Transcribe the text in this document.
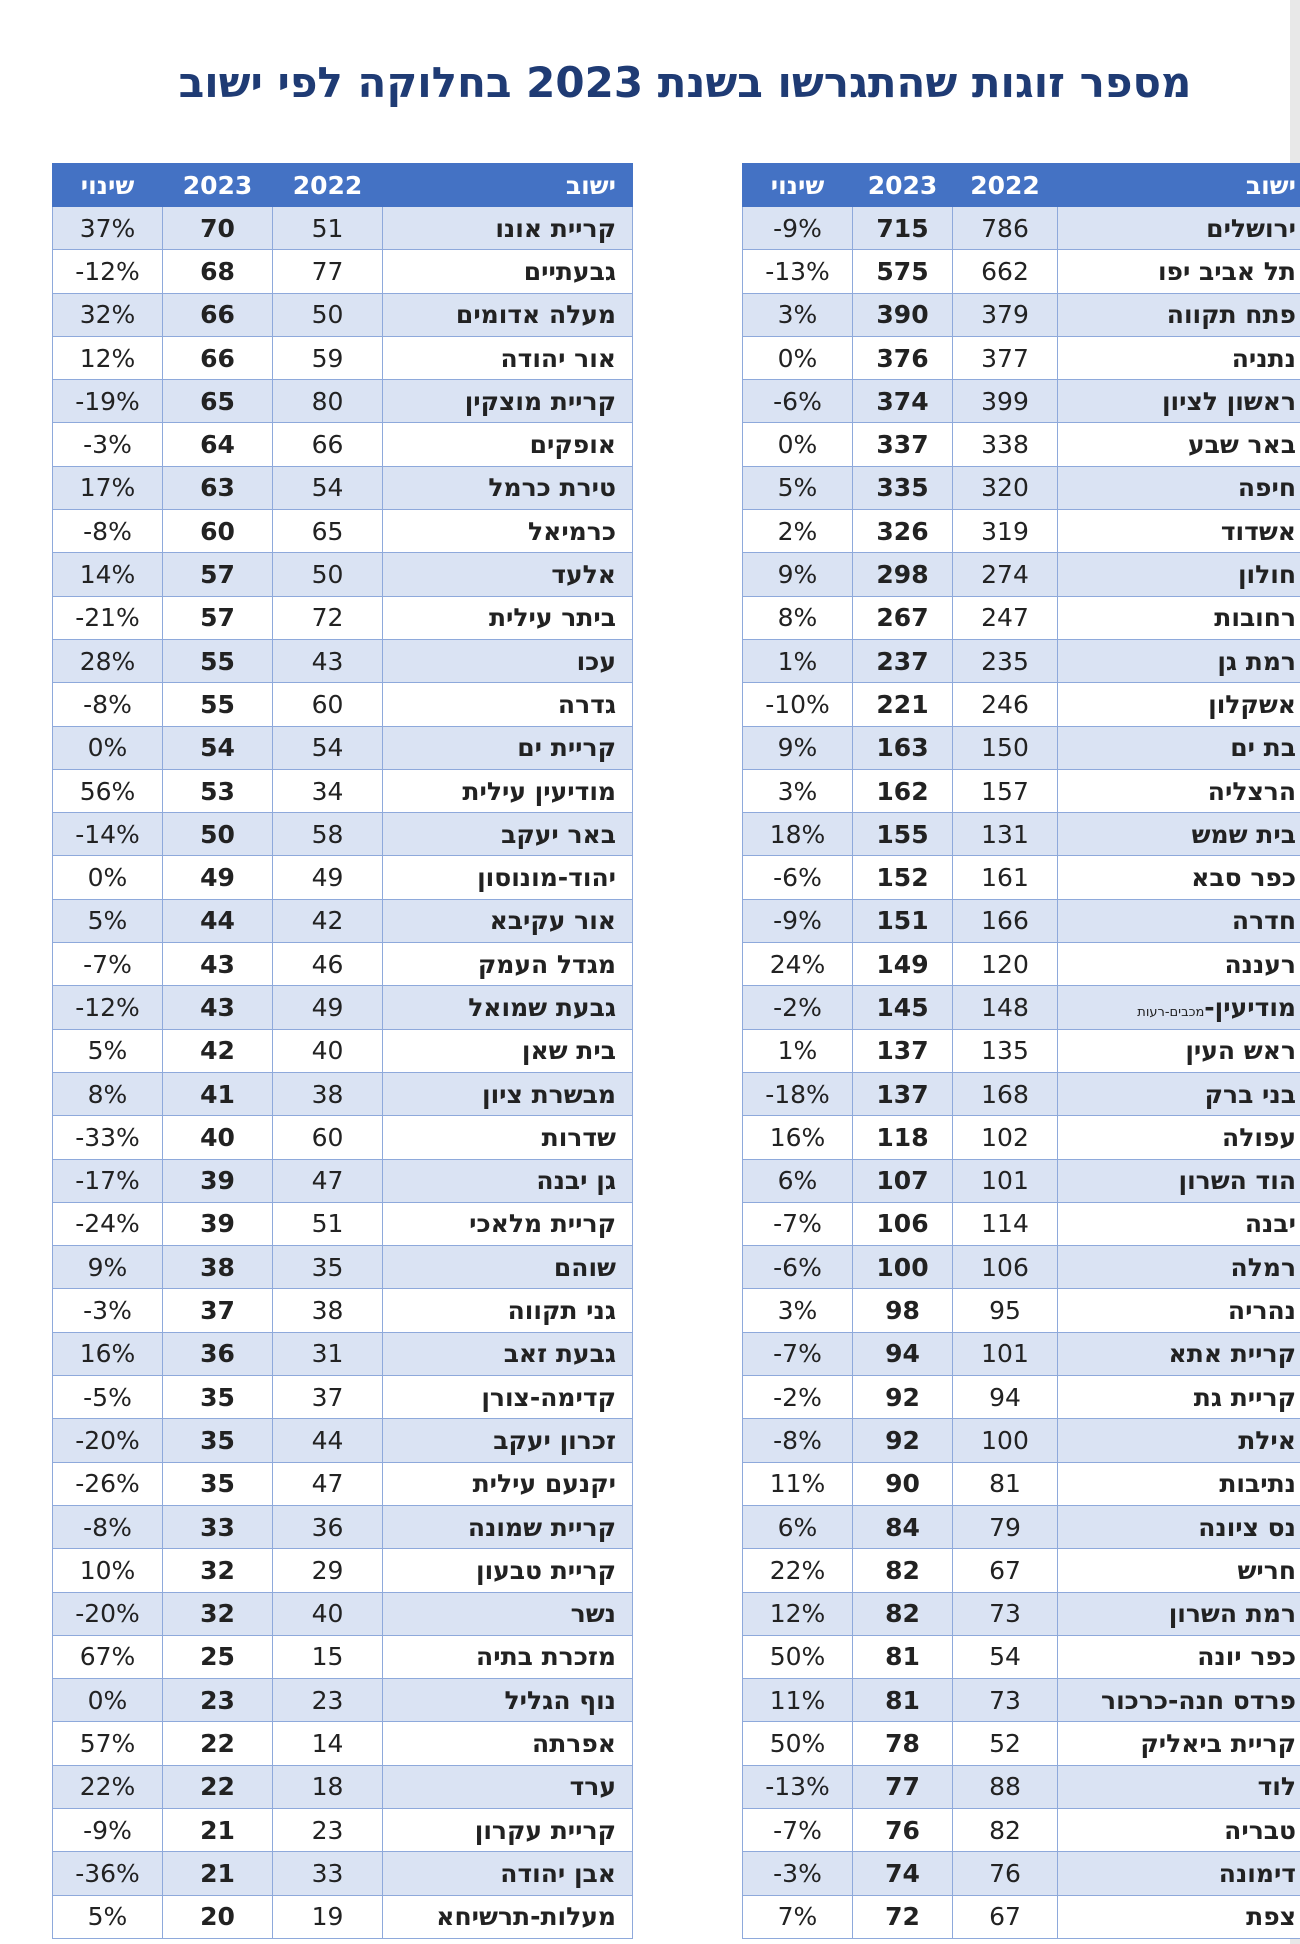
מספר זוגות שהתגרשו בשנת 2023 בחלוקה לפי ישוב
שינוי	2023	2022	ישוב
37%	70	51	קריית אונו
-12%	68	77	גבעתיים
32%	66	50	מעלה אדומים
12%	66	59	אור יהודה
-19%	65	80	קריית מוצקין
-3%	64	66	אופקים
17%	63	54	טירת כרמל
-8%	60	65	כרמיאל
14%	57	50	אלעד
-21%	57	72	ביתר עילית
28%	55	43	עכו
-8%	55	60	גדרה
0%	54	54	קריית ים
56%	53	34	מודיעין עילית
-14%	50	58	באר יעקב
0%	49	49	יהוד-מונוסון
5%	44	42	אור עקיבא
-7%	43	46	מגדל העמק
-12%	43	49	גבעת שמואל
5%	42	40	בית שאן
8%	41	38	מבשרת ציון
-33%	40	60	שדרות
-17%	39	47	גן יבנה
-24%	39	51	קריית מלאכי
9%	38	35	שוהם
-3%	37	38	גני תקווה
16%	36	31	גבעת זאב
-5%	35	37	קדימה-צורן
-20%	35	44	זכרון יעקב
-26%	35	47	יקנעם עילית
-8%	33	36	קריית שמונה
10%	32	29	קריית טבעון
-20%	32	40	נשר
67%	25	15	מזכרת בתיה
0%	23	23	נוף הגליל
57%	22	14	אפרתה
22%	22	18	ערד
-9%	21	23	קריית עקרון
-36%	21	33	אבן יהודה
5%	20	19	מעלות-תרשיחא
שינוי	2023	2022	ישוב
-9%	715	786	ירושלים
-13%	575	662	תל אביב יפו
3%	390	379	פתח תקווה
0%	376	377	נתניה
-6%	374	399	ראשון לציון
0%	337	338	באר שבע
5%	335	320	חיפה
2%	326	319	אשדוד
9%	298	274	חולון
8%	267	247	רחובות
1%	237	235	רמת גן
-10%	221	246	אשקלון
9%	163	150	בת ים
3%	162	157	הרצליה
18%	155	131	בית שמש
-6%	152	161	כפר סבא
-9%	151	166	חדרה
24%	149	120	רעננה
-2%	145	148	מודיעין-מכבים-רעות
1%	137	135	ראש העין
-18%	137	168	בני ברק
16%	118	102	עפולה
6%	107	101	הוד השרון
-7%	106	114	יבנה
-6%	100	106	רמלה
3%	98	95	נהריה
-7%	94	101	קריית אתא
-2%	92	94	קריית גת
-8%	92	100	אילת
11%	90	81	נתיבות
6%	84	79	נס ציונה
22%	82	67	חריש
12%	82	73	רמת השרון
50%	81	54	כפר יונה
11%	81	73	פרדס חנה-כרכור
50%	78	52	קריית ביאליק
-13%	77	88	לוד
-7%	76	82	טבריה
-3%	74	76	דימונה
7%	72	67	צפת
